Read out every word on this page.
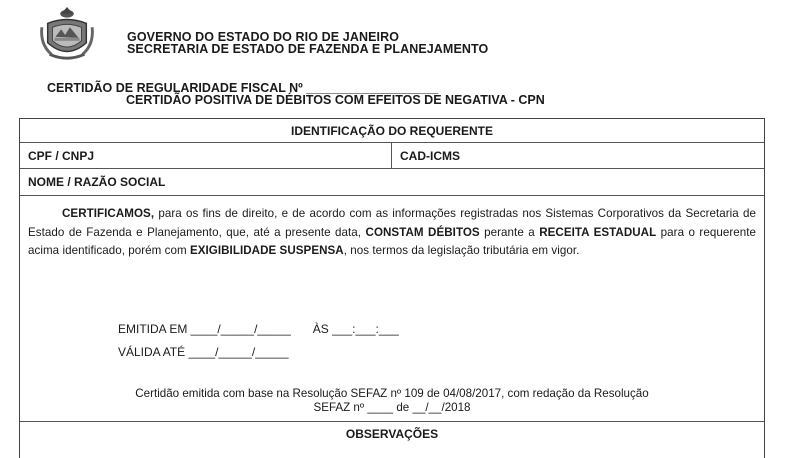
GOVERNO DO ESTADO DO RIO DE JANEIRO
SECRETARIA DE ESTADO DE FAZENDA E PLANEJAMENTO
CERTIDÃO DE REGULARIDADE FISCAL Nº ___________________
CERTIDÃO POSITIVA DE DÉBITOS COM EFEITOS DE NEGATIVA - CPN
IDENTIFICAÇÃO DO REQUERENTE
CPF / CNPJ	CAD-ICMS
NOME / RAZÃO SOCIAL
CERTIFICAMOS, para os fins de direito, e de acordo com as informações registradas nos Sistemas Corporativos da Secretaria de Estado de Fazenda e Planejamento, que, até a presente data, CONSTAM DÉBITOS perante a RECEITA ESTADUAL para o requerente acima identificado, porém com EXIGIBILIDADE SUSPENSA, nos termos da legislação tributária em vigor.
EMITIDA EM ____/_____/_____ ÀS ___:___:___
VÁLIDA ATÉ ____/_____/_____
Certidão emitida com base na Resolução SEFAZ nº 109 de 04/08/2017, com redação da Resolução
SEFAZ nº ____ de __/__/2018
OBSERVAÇÕES
